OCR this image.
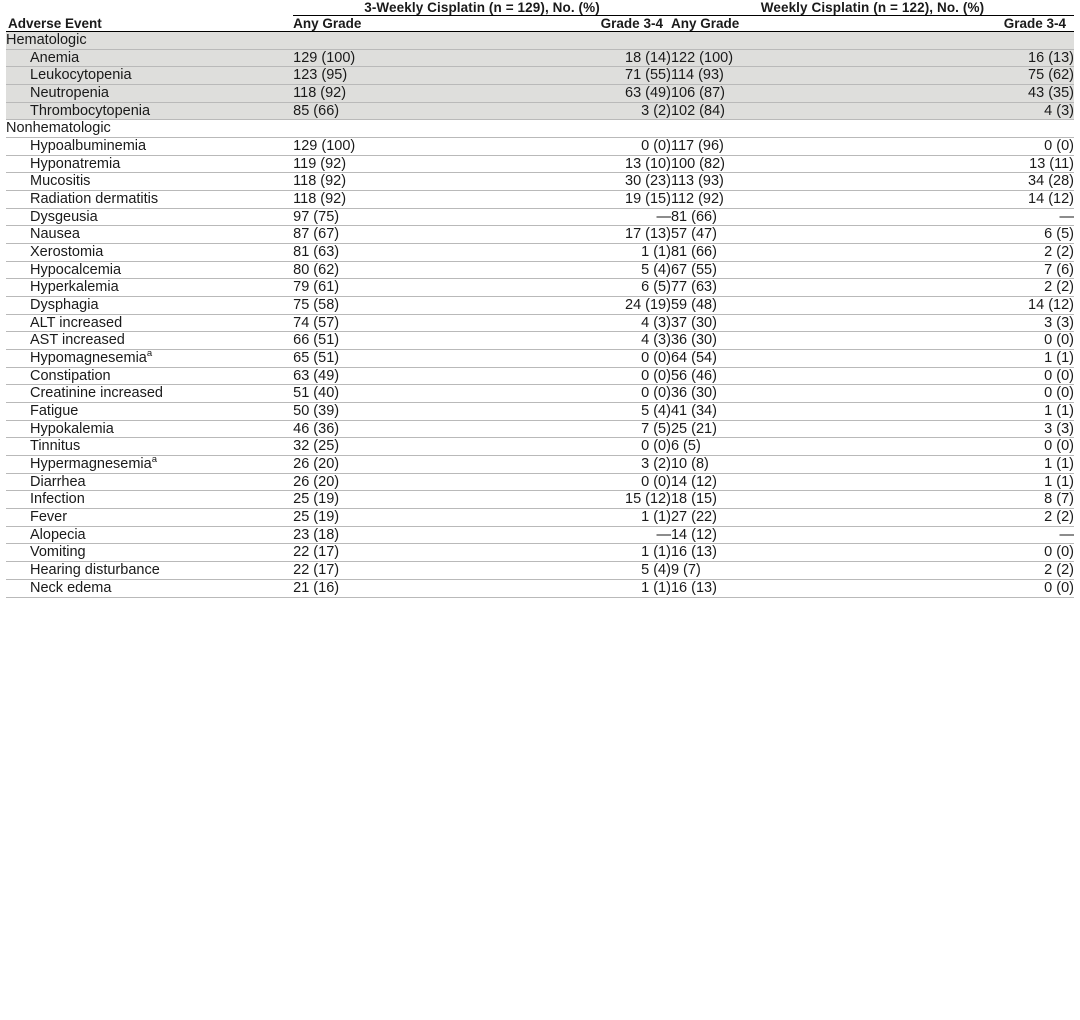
	3-Weekly Cisplatin (n = 129), No. (%)		Weekly Cisplatin (n = 122), No. (%)	
Adverse Event	Any Grade	Grade 3-4	Any Grade	Grade 3-4
Hematologic				
Anemia	129 (100)	18 (14)	122 (100)	16 (13)
Leukocytopenia	123 (95)	71 (55)	114 (93)	75 (62)
Neutropenia	118 (92)	63 (49)	106 (87)	43 (35)
Thrombocytopenia	85 (66)	3 (2)	102 (84)	4 (3)
Nonhematologic				
Hypoalbuminemia	129 (100)	0 (0)	117 (96)	0 (0)
Hyponatremia	119 (92)	13 (10)	100 (82)	13 (11)
Mucositis	118 (92)	30 (23)	113 (93)	34 (28)
Radiation dermatitis	118 (92)	19 (15)	112 (92)	14 (12)
Dysgeusia	97 (75)	—	81 (66)	—
Nausea	87 (67)	17 (13)	57 (47)	6 (5)
Xerostomia	81 (63)	1 (1)	81 (66)	2 (2)
Hypocalcemia	80 (62)	5 (4)	67 (55)	7 (6)
Hyperkalemia	79 (61)	6 (5)	77 (63)	2 (2)
Dysphagia	75 (58)	24 (19)	59 (48)	14 (12)
ALT increased	74 (57)	4 (3)	37 (30)	3 (3)
AST increased	66 (51)	4 (3)	36 (30)	0 (0)
Hypomagnesemia$^a$	65 (51)	0 (0)	64 (54)	1 (1)
Constipation	63 (49)	0 (0)	56 (46)	0 (0)
Creatinine increased	51 (40)	0 (0)	36 (30)	0 (0)
Fatigue	50 (39)	5 (4)	41 (34)	1 (1)
Hypokalemia	46 (36)	7 (5)	25 (21)	3 (3)
Tinnitus	32 (25)	0 (0)	6 (5)	0 (0)
Hypermagnesemia$^a$	26 (20)	3 (2)	10 (8)	1 (1)
Diarrhea	26 (20)	0 (0)	14 (12)	1 (1)
Infection	25 (19)	15 (12)	18 (15)	8 (7)
Fever	25 (19)	1 (1)	27 (22)	2 (2)
Alopecia	23 (18)	—	14 (12)	—
Vomiting	22 (17)	1 (1)	16 (13)	0 (0)
Hearing disturbance	22 (17)	5 (4)	9 (7)	2 (2)
Neck edema	21 (16)	1 (1)	16 (13)	0 (0)
